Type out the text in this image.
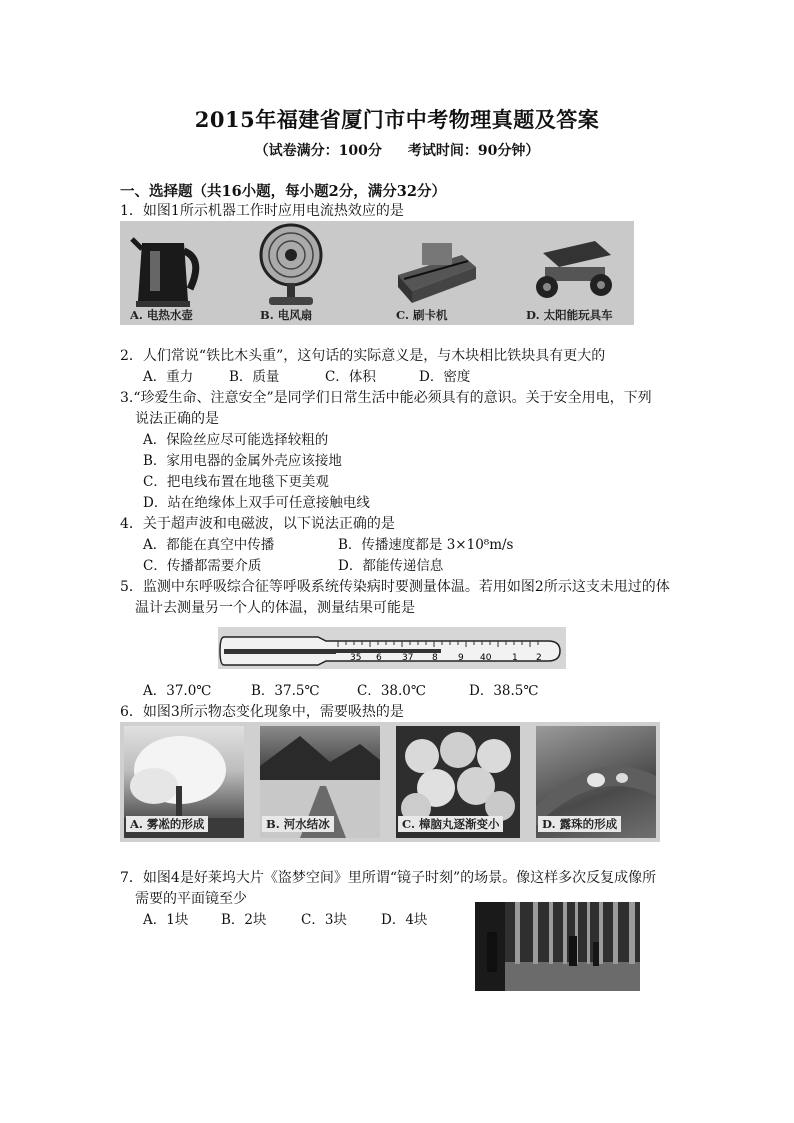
2015年福建省厦门市中考物理真题及答案
（试卷满分：100分 考试时间：90分钟）
一、选择题（共16小题，每小题2分，满分32分）
1．如图1所示机器工作时应用电流热效应的是
A. 电热水壶	B. 电风扇	C. 刷卡机	D. 太阳能玩具车
2．人们常说“铁比木头重”，这句话的实际意义是，与木块相比铁块具有更大的
A．重力	B．质量	C．体积	D．密度
3.“珍爱生命、注意安全”是同学们日常生活中能必须具有的意识。关于安全用电，下列
说法正确的是
A．保险丝应尽可能选择较粗的
B．家用电器的金属外壳应该接地
C．把电线布置在地毯下更美观
D．站在绝缘体上双手可任意接触电线
4．关于超声波和电磁波，以下说法正确的是
A．都能在真空中传播	B．传播速度都是 3×10⁸m/s
C．传播都需要介质	D．都能传递信息
5．监测中东呼吸综合征等呼吸系统传染病时要测量体温。若用如图2所示这支未甩过的体
温计去测量另一个人的体温，测量结果可能是
35 6 37 8 9 40 1 2
A．37.0℃	B．37.5℃	C．38.0℃	D．38.5℃
6．如图3所示物态变化现象中，需要吸热的是
A. 雾凇的形成	B. 河水结冰	C. 樟脑丸逐渐变小	D. 露珠的形成
7．如图4是好莱坞大片《盗梦空间》里所谓“镜子时刻”的场景。像这样多次反复成像所
需要的平面镜至少
A．1块 B．2块	C．3块	D．4块
